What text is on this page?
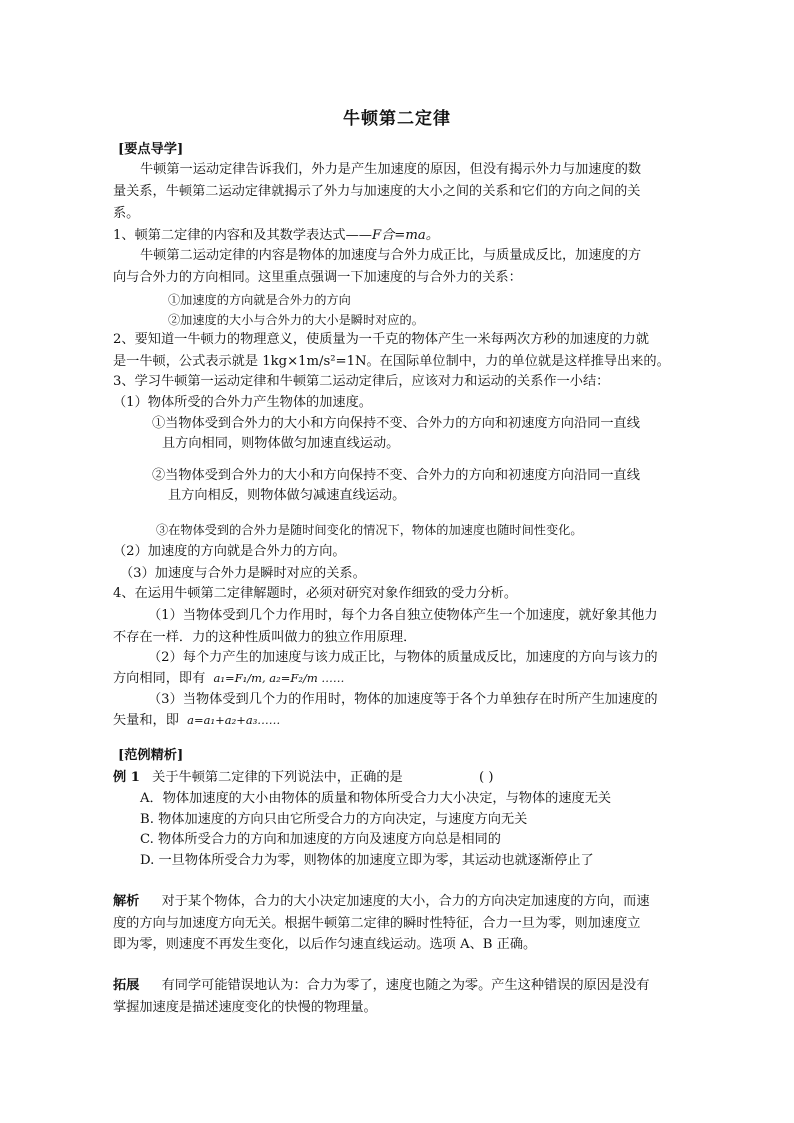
牛顿第二定律
[要点导学]
牛顿第一运动定律告诉我们，外力是产生加速度的原因，但没有揭示外力与加速度的数
量关系，牛顿第二运动定律就揭示了外力与加速度的大小之间的关系和它们的方向之间的关
系。
1、顿第二定律的内容和及其数学表达式——F合=ma。
牛顿第二运动定律的内容是物体的加速度与合外力成正比，与质量成反比，加速度的方
向与合外力的方向相同。这里重点强调一下加速度的与合外力的关系：
①加速度的方向就是合外力的方向
②加速度的大小与合外力的大小是瞬时对应的。
2、要知道一牛顿力的物理意义，使质量为一千克的物体产生一米每两次方秒的加速度的力就
是一牛顿，公式表示就是 1kg×1m/s²=1N。在国际单位制中，力的单位就是这样推导出来的。
3、学习牛顿第一运动定律和牛顿第二运动定律后，应该对力和运动的关系作一小结：
（1）物体所受的合外力产生物体的加速度。
①当物体受到合外力的大小和方向保持不变、合外力的方向和初速度方向沿同一直线
且方向相同，则物体做匀加速直线运动。
②当物体受到合外力的大小和方向保持不变、合外力的方向和初速度方向沿同一直线
且方向相反，则物体做匀减速直线运动。
③在物体受到的合外力是随时间变化的情况下，物体的加速度也随时间性变化。
（2）加速度的方向就是合外力的方向。
（3）加速度与合外力是瞬时对应的关系。
4、在运用牛顿第二定律解题时，必须对研究对象作细致的受力分析。
（1）当物体受到几个力作用时，每个力各自独立使物体产生一个加速度，就好象其他力
不存在一样．力的这种性质叫做力的独立作用原理．
（2）每个力产生的加速度与该力成正比，与物体的质量成反比，加速度的方向与该力的
方向相同，即有 a₁=F₁/m, a₂=F₂/m ……
（3）当物体受到几个力的作用时，物体的加速度等于各个力单独存在时所产生加速度的
矢量和，即 a=a₁+a₂+a₃……
[范例精析]
例 1 关于牛顿第二定律的下列说法中，正确的是	( )
A．物体加速度的大小由物体的质量和物体所受合力大小决定，与物体的速度无关
B. 物体加速度的方向只由它所受合力的方向决定，与速度方向无关
C. 物体所受合力的方向和加速度的方向及速度方向总是相同的
D. 一旦物体所受合力为零，则物体的加速度立即为零，其运动也就逐渐停止了
解析 对于某个物体，合力的大小决定加速度的大小，合力的方向决定加速度的方向，而速
度的方向与加速度方向无关。根据牛顿第二定律的瞬时性特征，合力一旦为零，则加速度立
即为零，则速度不再发生变化，以后作匀速直线运动。选项 A、B 正确。
拓展 有同学可能错误地认为：合力为零了，速度也随之为零。产生这种错误的原因是没有
掌握加速度是描述速度变化的快慢的物理量。
